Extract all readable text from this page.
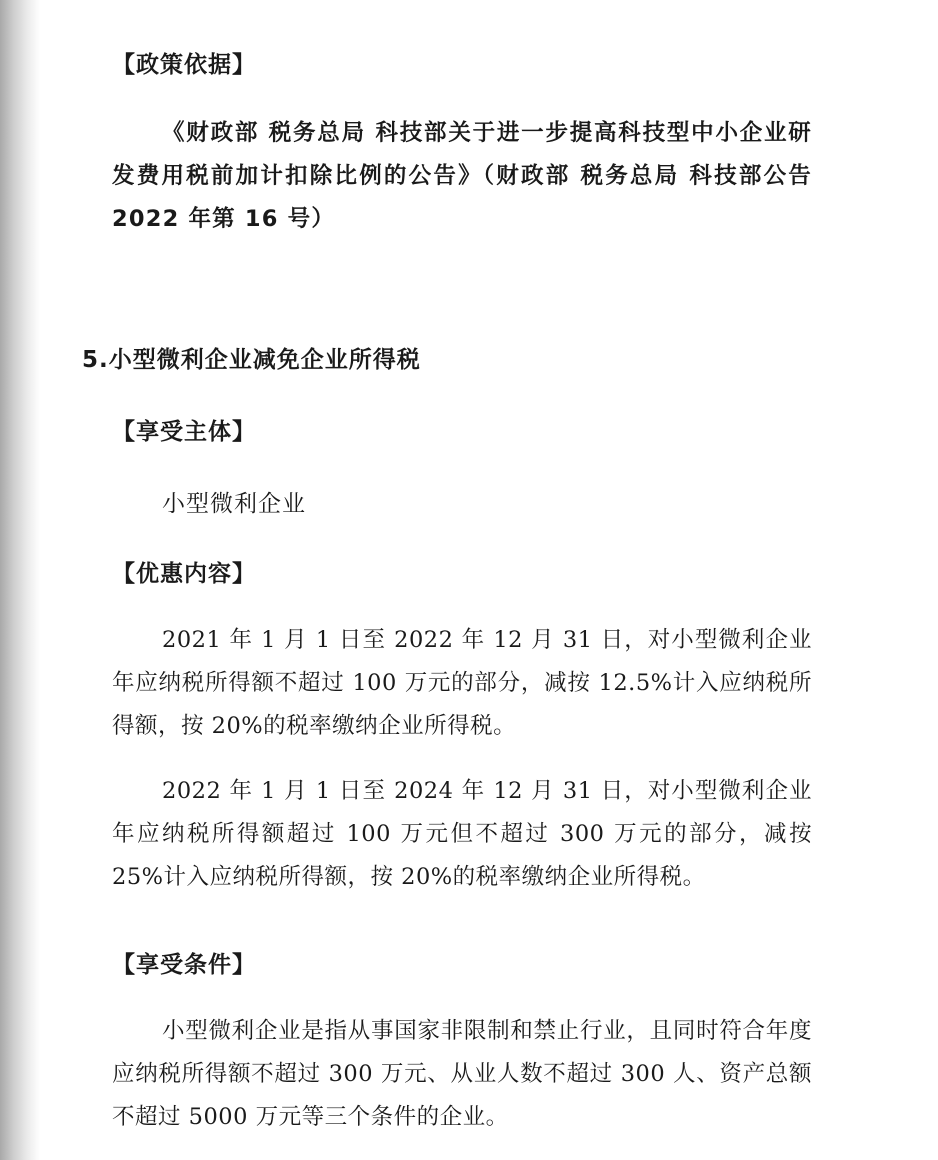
【政策依据】
《财政部 税务总局 科技部关于进一步提高科技型中小企业研发费用税前加计扣除比例的公告》（财政部 税务总局 科技部公告 2022 年第 16 号）
5.小型微利企业减免企业所得税
【享受主体】
小型微利企业
【优惠内容】
2021 年 1 月 1 日至 2022 年 12 月 31 日，对小型微利企业年应纳税所得额不超过 100 万元的部分，减按 12.5%计入应纳税所得额，按 20%的税率缴纳企业所得税。
2022 年 1 月 1 日至 2024 年 12 月 31 日，对小型微利企业年应纳税所得额超过 100 万元但不超过 300 万元的部分，减按 25%计入应纳税所得额，按 20%的税率缴纳企业所得税。
【享受条件】
小型微利企业是指从事国家非限制和禁止行业，且同时符合年度应纳税所得额不超过 300 万元、从业人数不超过 300 人、资产总额不超过 5000 万元等三个条件的企业。
